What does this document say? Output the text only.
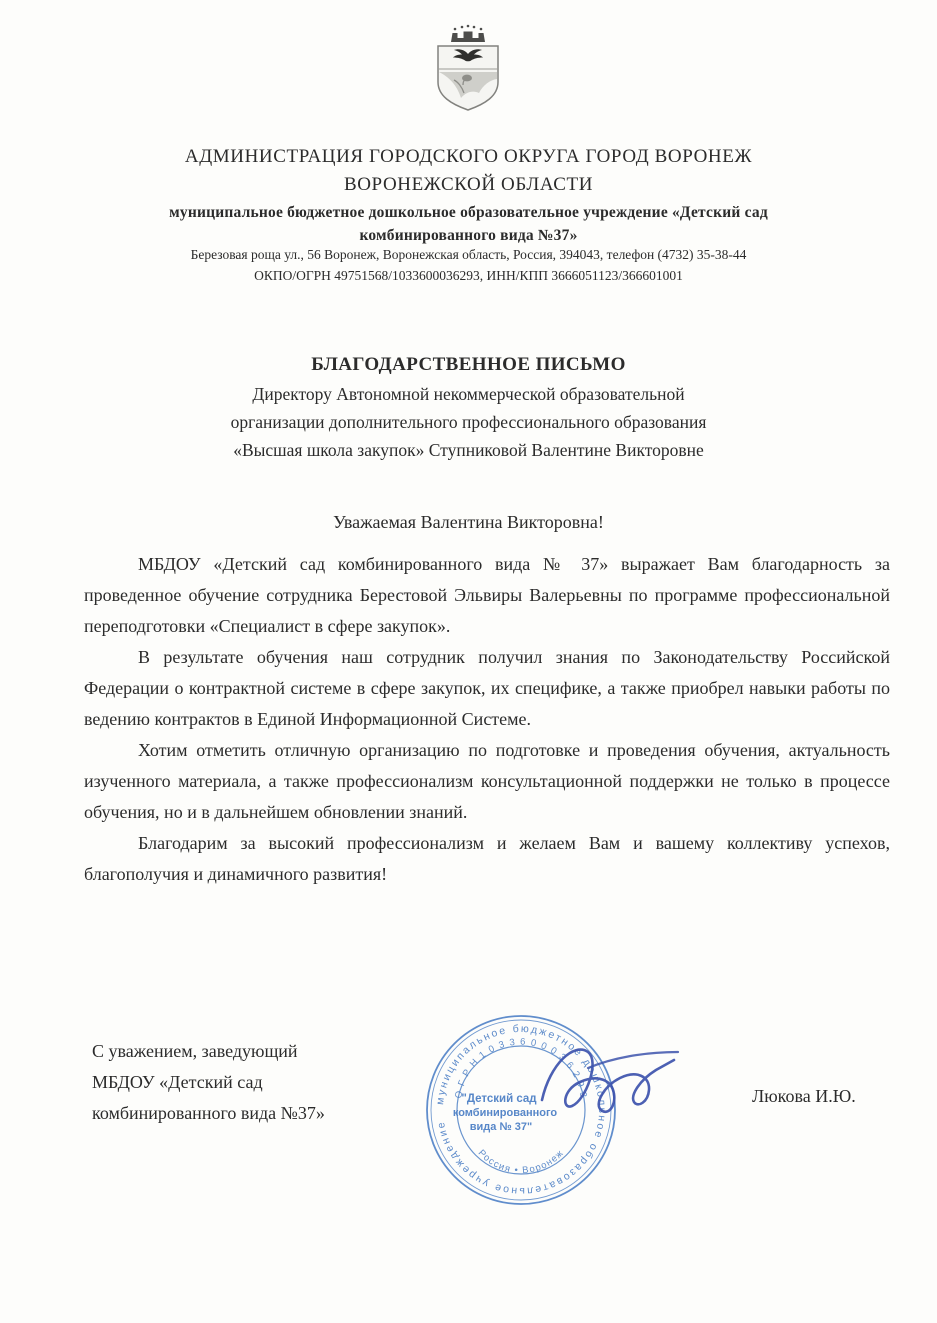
АДМИНИСТРАЦИЯ ГОРОДСКОГО ОКРУГА ГОРОД ВОРОНЕЖ
ВОРОНЕЖСКОЙ ОБЛАСТИ
муниципальное бюджетное дошкольное образовательное учреждение «Детский сад
комбинированного вида №37»
Березовая роща ул., 56 Воронеж, Воронежская область, Россия, 394043, телефон (4732) 35-38-44
ОКПО/ОГРН 49751568/1033600036293, ИНН/КПП 3666051123/366601001
БЛАГОДАРСТВЕННОЕ ПИСЬМО
Директору Автономной некоммерческой образовательной
организации дополнительного профессионального образования
«Высшая школа закупок» Ступниковой Валентине Викторовне
Уважаемая Валентина Викторовна!

МБДОУ «Детский сад комбинированного вида № 37» выражает Вам благодарность за проведенное обучение сотрудника Берестовой Эльвиры Валерьевны по программе профессиональной переподготовки «Специалист в сфере закупок».

В результате обучения наш сотрудник получил знания по Законодательству Российской Федерации о контрактной системе в сфере закупок, их специфике, а также приобрел навыки работы по ведению контрактов в Единой Информационной Системе.

Хотим отметить отличную организацию по подготовке и проведения обучения, актуальность изученного материала, а также профессионализм консультационной поддержки не только в процессе обучения, но и в дальнейшем обновлении знаний.

Благодарим за высокий профессионализм и желаем Вам и вашему коллективу успехов, благополучия и динамичного развития!

С уважением, заведующий
МБДОУ «Детский сад
комбинированного вида №37»
Люкова И.Ю.
муниципальное бюджетное дошкольное образовательное учреждение
О Г Р Н 1 0 3 3 6 0 0 0 3 6 2 9 3
Россия • Воронеж
"Детский сад
комбинированного
вида № 37"
